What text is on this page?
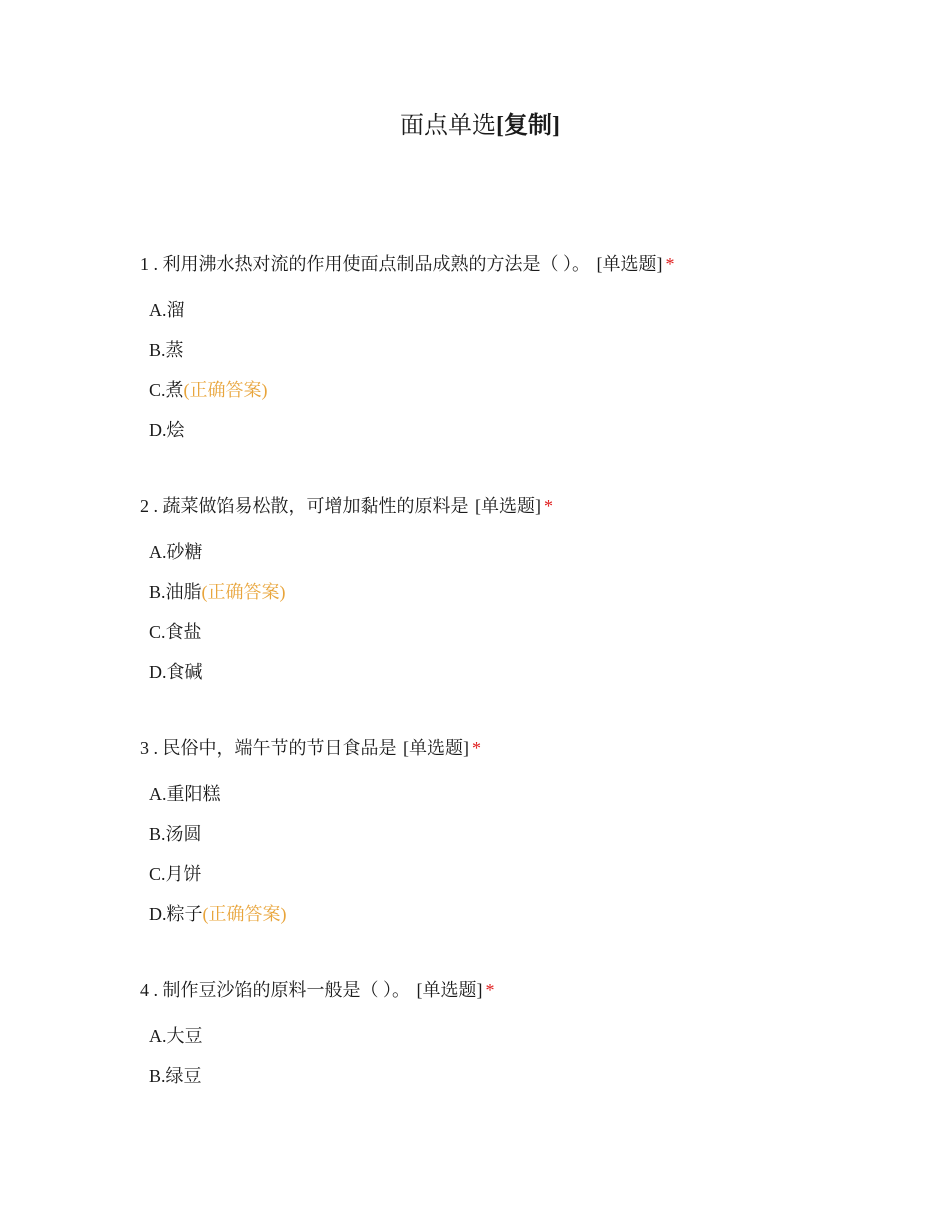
面点单选[复制]
1 . 利用沸水热对流的作用使面点制品成熟的方法是（ ）。 [单选题] *
A.溜
B.蒸
C.煮(正确答案)
D.烩
2 . 蔬菜做馅易松散，可增加黏性的原料是 [单选题] *
A.砂糖
B.油脂(正确答案)
C.食盐
D.食碱
3 . 民俗中，端午节的节日食品是 [单选题] *
A.重阳糕
B.汤圆
C.月饼
D.粽子(正确答案)
4 . 制作豆沙馅的原料一般是（ ）。 [单选题] *
A.大豆
B.绿豆
